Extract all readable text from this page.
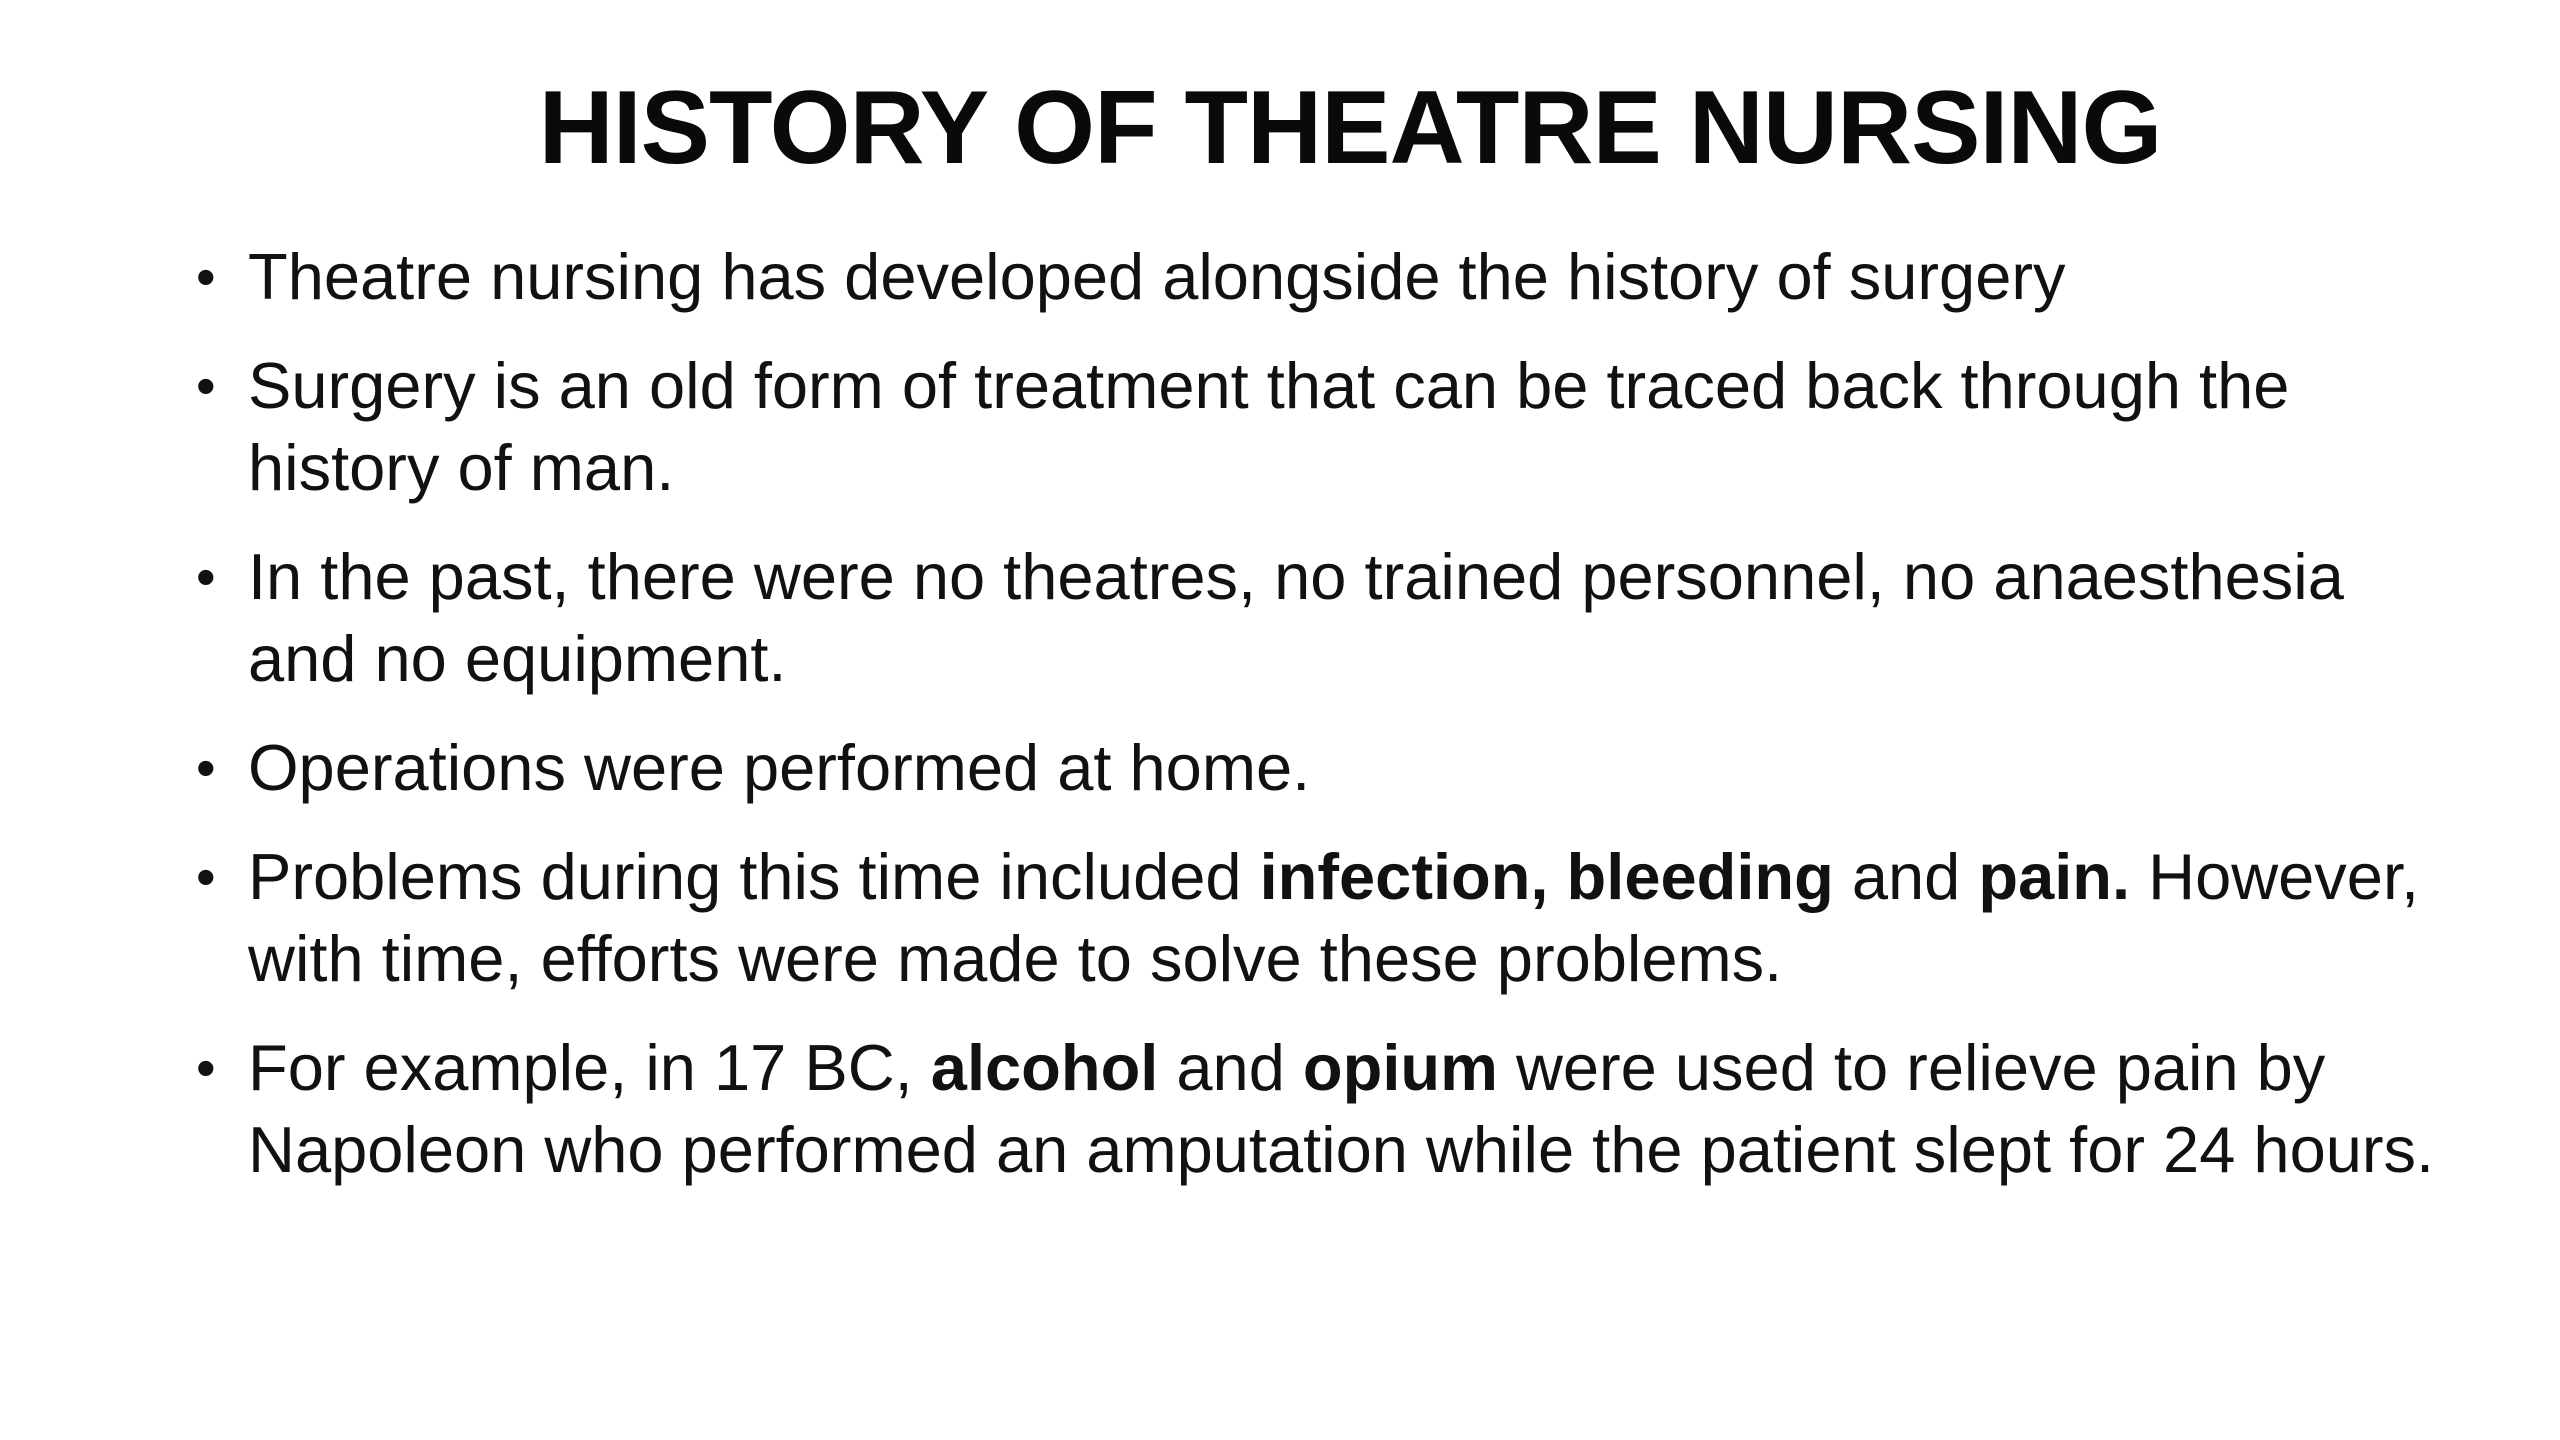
HISTORY OF THEATRE NURSING
• Theatre nursing has developed alongside the history of surgery
• Surgery is an old form of treatment that can be traced back through the history of man.
• In the past, there were no theatres, no trained personnel, no anaesthesia and no equipment.
• Operations were performed at home.
• Problems during this time included infection, bleeding and pain. However, with time, efforts were made to solve these problems.
• For example, in 17 BC, alcohol and opium were used to relieve pain by Napoleon who performed an amputation while the patient slept for 24 hours.
